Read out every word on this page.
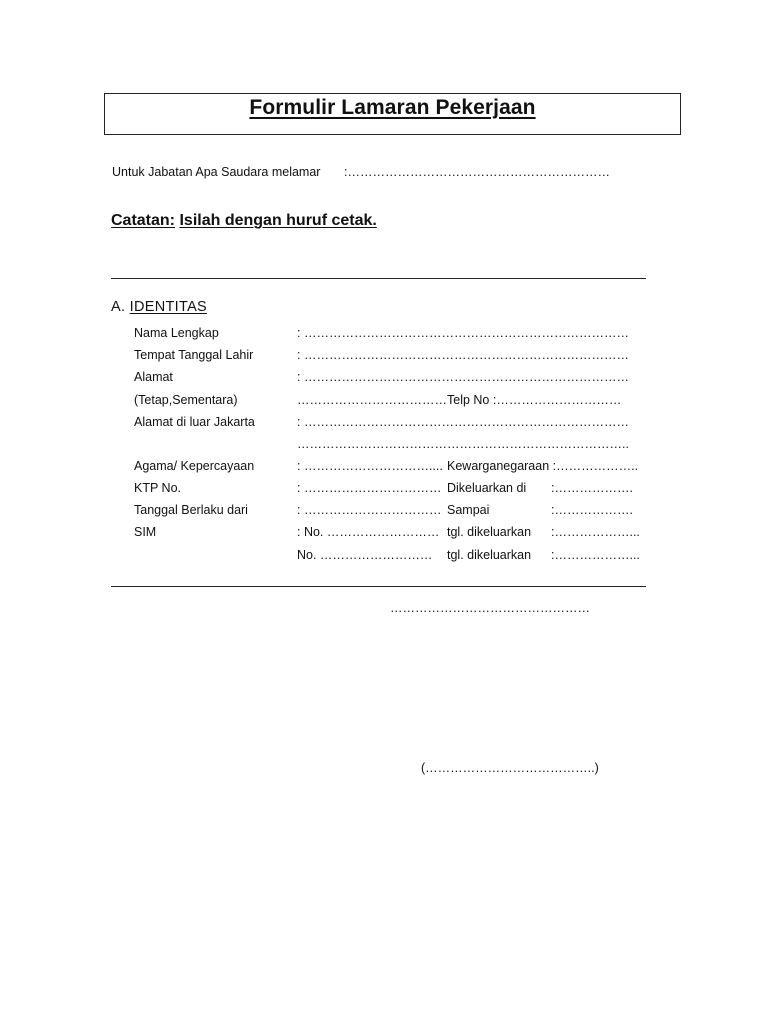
Formulir Lamaran Pekerjaan
Untuk Jabatan Apa Saudara melamar :………………………………………………………
Catatan: Isilah dengan huruf cetak.
A. IDENTITAS
Nama Lengkap	: ……………………………………………………………………
Tempat Tanggal Lahir	: ……………………………………………………………………
Alamat	: ……………………………………………………………………
(Tetap,Sementara)	………………………………Telp No :…………………………
Alamat di luar Jakarta	: ……………………………………………………………………
……………………………………………………………………..
Agama/ Kepercayaan	: ………………………….... Kewarganegaraan :………………..
KTP No.	: …………………………… Dikeluarkan di :……………….
Tanggal Berlaku dari	: …………………………… Sampai	:……………….
SIM	: No. ……………………… tgl. dikeluarkan :………………...
No. ……………………… tgl. dikeluarkan :………………...
…………………………………………
(…………………………………..)
